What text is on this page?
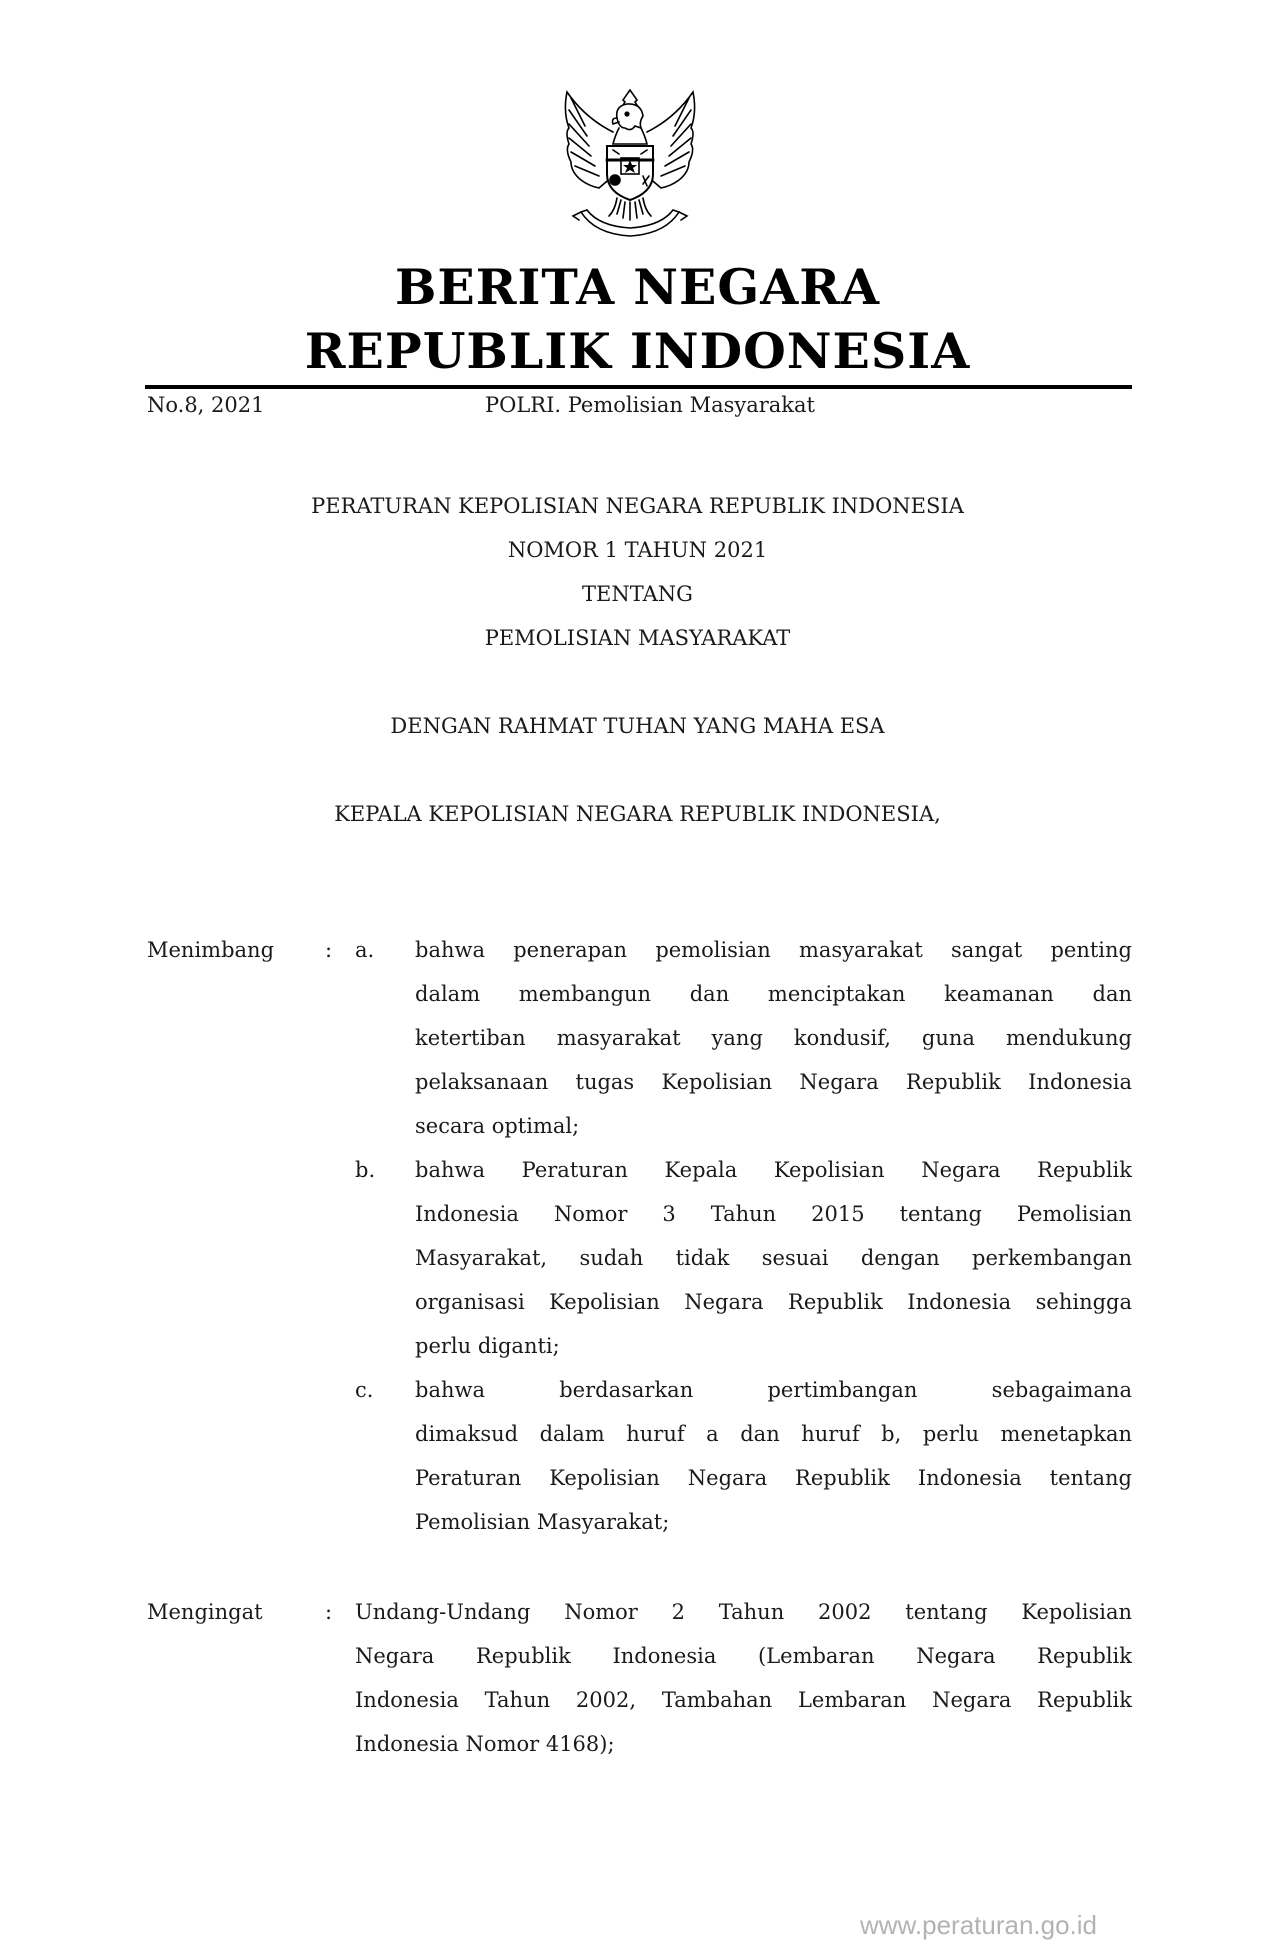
BERITA NEGARA
REPUBLIK INDONESIA
No.8, 2021	POLRI. Pemolisian Masyarakat
PERATURAN KEPOLISIAN NEGARA REPUBLIK INDONESIA
NOMOR 1 TAHUN 2021
TENTANG
PEMOLISIAN MASYARAKAT
DENGAN RAHMAT TUHAN YANG MAHA ESA
KEPALA KEPOLISIAN NEGARA REPUBLIK INDONESIA,
Menimbang : a. bahwa penerapan pemolisian masyarakat sangat penting
dalam membangun dan menciptakan keamanan dan
ketertiban masyarakat yang kondusif, guna mendukung
pelaksanaan tugas Kepolisian Negara Republik Indonesia
secara optimal;
b. bahwa Peraturan Kepala Kepolisian Negara Republik
Indonesia Nomor 3 Tahun 2015 tentang Pemolisian
Masyarakat, sudah tidak sesuai dengan perkembangan
organisasi Kepolisian Negara Republik Indonesia sehingga
perlu diganti;
c. bahwa berdasarkan pertimbangan sebagaimana
dimaksud dalam huruf a dan huruf b, perlu menetapkan
Peraturan Kepolisian Negara Republik Indonesia tentang
Pemolisian Masyarakat;
Mengingat	: Undang-Undang Nomor 2 Tahun 2002 tentang Kepolisian
Negara Republik Indonesia (Lembaran Negara Republik
Indonesia Tahun 2002, Tambahan Lembaran Negara Republik
Indonesia Nomor 4168);
www.peraturan.go.id
